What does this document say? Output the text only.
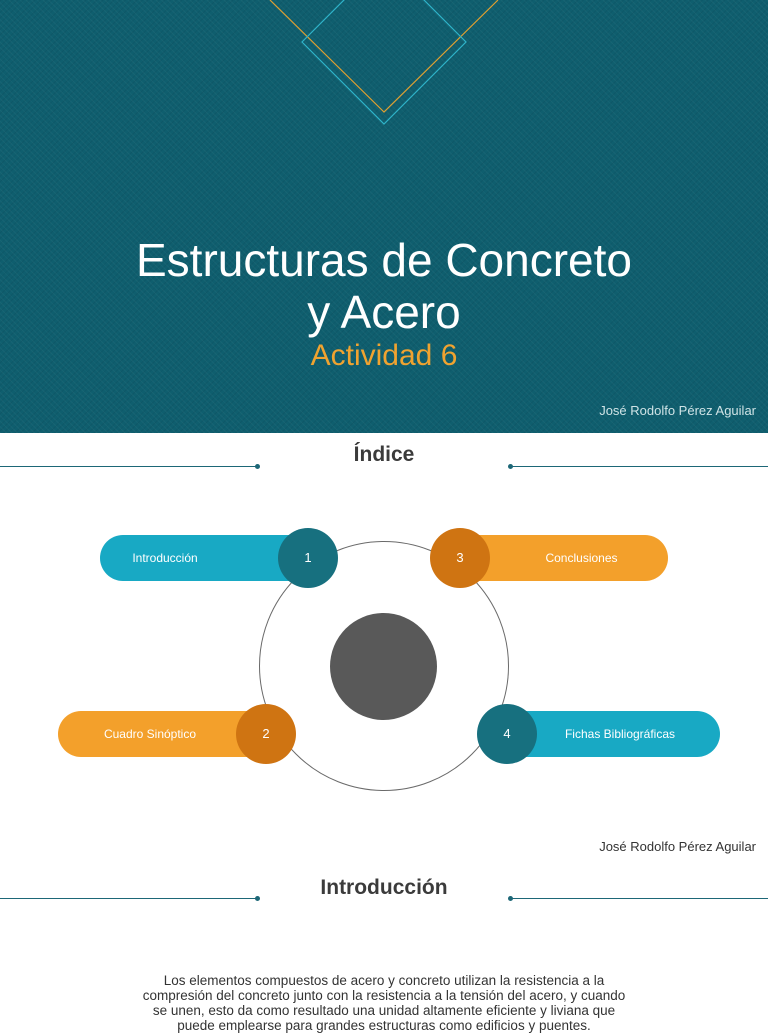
Estructuras de Concreto
y Acero

Actividad 6

José Rodolfo Pérez Aguilar
Índice
Introducción	1	Conclusiones
3
Cuadro Sinóptico	2	Fichas Bibliográficas
4
José Rodolfo Pérez Aguilar
Introducción

Los elementos compuestos de acero y concreto utilizan la resistencia a la
compresión del concreto junto con la resistencia a la tensión del acero, y cuando
se unen, esto da como resultado una unidad altamente eficiente y liviana que
puede emplearse para grandes estructuras como edificios y puentes.
